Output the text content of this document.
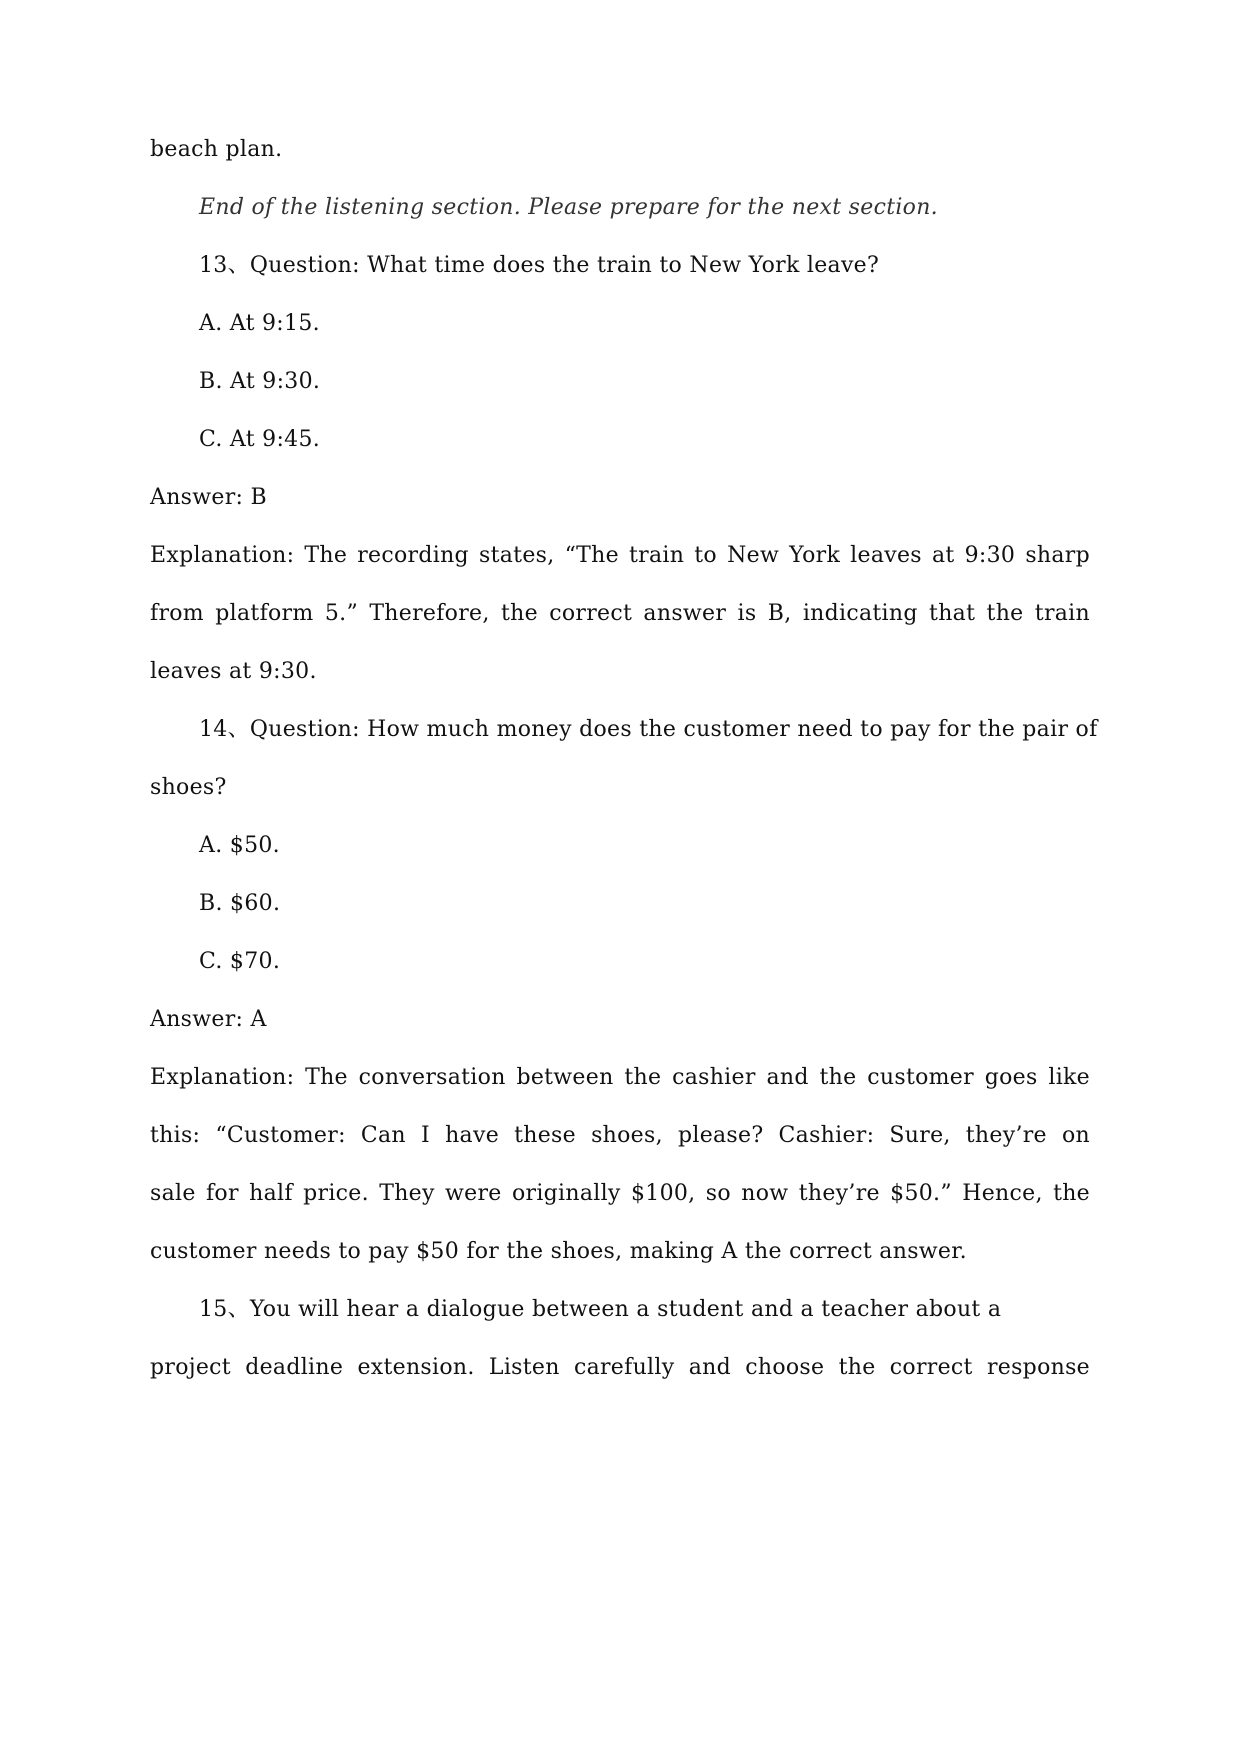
beach plan.
End of the listening section. Please prepare for the next section.
13、Question: What time does the train to New York leave?
A. At 9:15.
B. At 9:30.
C. At 9:45.
Answer: B
Explanation: The recording states, “The train to New York leaves at 9:30 sharp
from platform 5.” Therefore, the correct answer is B, indicating that the train
leaves at 9:30.
14、Question: How much money does the customer need to pay for the pair of
shoes?
A. $50.
B. $60.
C. $70.
Answer: A
Explanation: The conversation between the cashier and the customer goes like
this: “Customer: Can I have these shoes, please? Cashier: Sure, they’re on
sale for half price. They were originally $100, so now they’re $50.” Hence, the
customer needs to pay $50 for the shoes, making A the correct answer.
15、You will hear a dialogue between a student and a teacher about a
project deadline extension. Listen carefully and choose the correct response
